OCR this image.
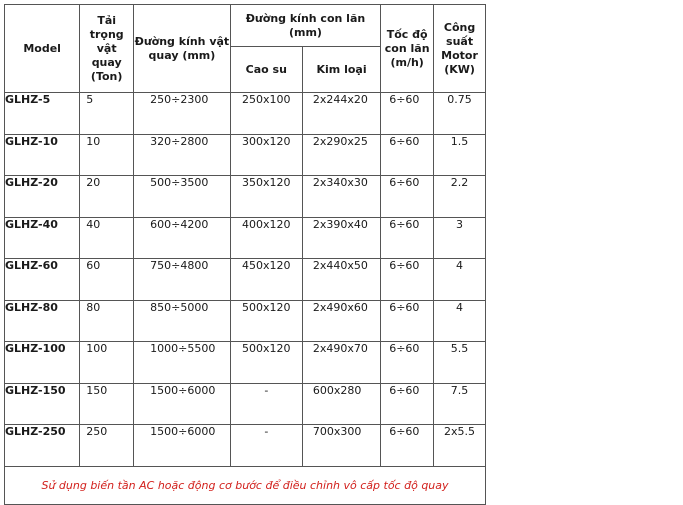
Model	Tải trọng vật quay (Ton)	Đường kính vật quay (mm)	Đường kính con lăn (mm)		Tốc độ con lăn (m/h)	Công suất Motor (KW)
			Cao su	Kim loại		
GLHZ-5	5	250÷2300	250x100	2x244x20	6÷60	0.75
GLHZ-10	10	320÷2800	300x120	2x290x25	6÷60	1.5
GLHZ-20	20	500÷3500	350x120	2x340x30	6÷60	2.2
GLHZ-40	40	600÷4200	400x120	2x390x40	6÷60	3
GLHZ-60	60	750÷4800	450x120	2x440x50	6÷60	4
GLHZ-80	80	850÷5000	500x120	2x490x60	6÷60	4
GLHZ-100	100	1000÷5500	500x120	2x490x70	6÷60	5.5
GLHZ-150	150	1500÷6000	-	600x280	6÷60	7.5
GLHZ-250	250	1500÷6000	-	700x300	6÷60	2x5.5
Sử dụng biến tần AC hoặc động cơ bước để điều chỉnh vô cấp tốc độ quay						
